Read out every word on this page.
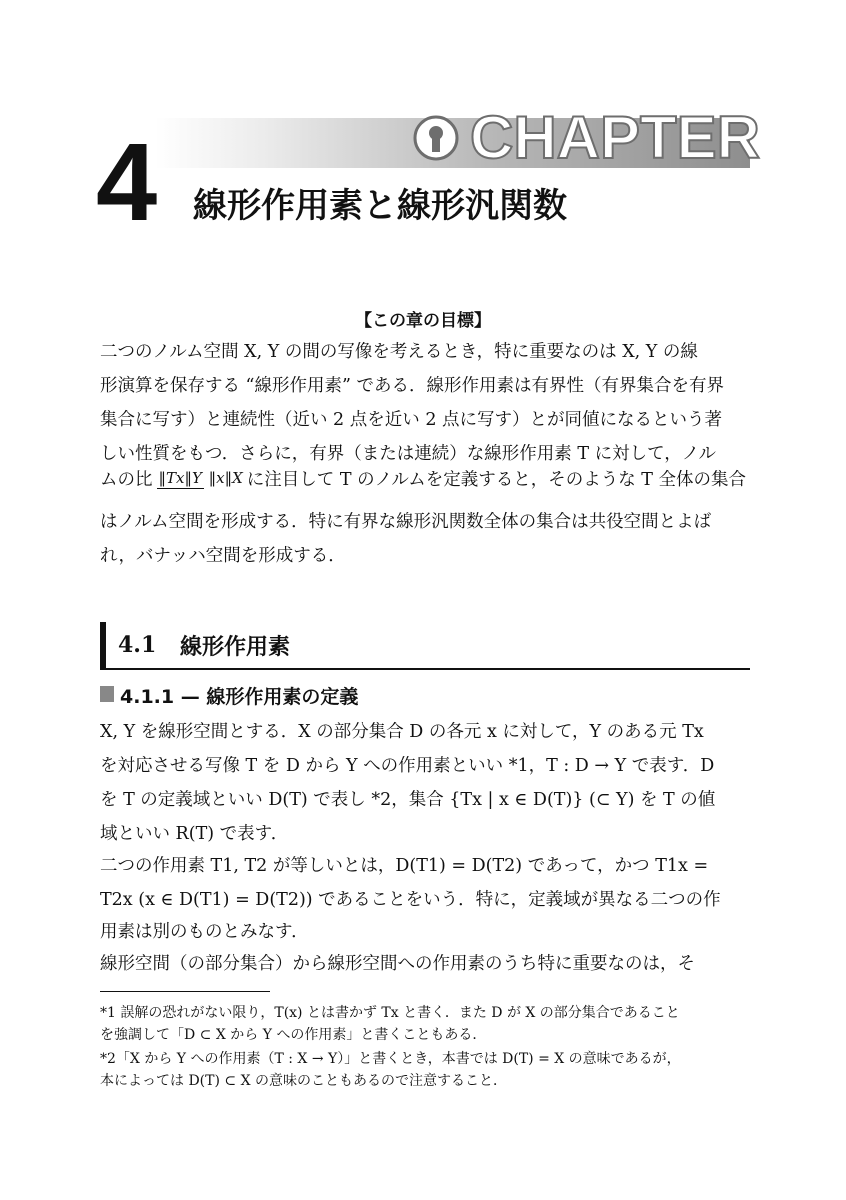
CHAPTER
4 線形作用素と線形汎関数
【この章の目標】
二つのノルム空間 X, Y の間の写像を考えるとき，特に重要なのは X, Y の線
形演算を保存する “線形作用素” である．線形作用素は有界性（有界集合を有界
集合に写す）と連続性（近い 2 点を近い 2 点に写す）とが同値になるという著
しい性質をもつ．さらに，有界（または連続）な線形作用素 T に対して，ノル
ムの比 ‖Tx‖Y ‖x‖X に注目して T のノルムを定義すると，そのような T 全体の集合
はノルム空間を形成する．特に有界な線形汎関数全体の集合は共役空間とよば
れ，バナッハ空間を形成する．
4.1 線形作用素
4.1.1 — 線形作用素の定義
X, Y を線形空間とする．X の部分集合 D の各元 x に対して，Y のある元 Tx
を対応させる写像 T を D から Y への作用素といい *1，T : D → Y で表す．D
を T の定義域といい D(T) で表し *2，集合 {Tx | x ∈ D(T)} (⊂ Y) を T の値
域といい R(T) で表す．
二つの作用素 T1, T2 が等しいとは，D(T1) = D(T2) であって，かつ T1x =
T2x (x ∈ D(T1) = D(T2)) であることをいう．特に，定義域が異なる二つの作
用素は別のものとみなす．
線形空間（の部分集合）から線形空間への作用素のうち特に重要なのは，そ
*1 誤解の恐れがない限り，T(x) とは書かず Tx と書く．また D が X の部分集合であること
を強調して「D ⊂ X から Y への作用素」と書くこともある．
*2「X から Y への作用素（T : X → Y）」と書くとき，本書では D(T) = X の意味であるが，
本によっては D(T) ⊂ X の意味のこともあるので注意すること．
